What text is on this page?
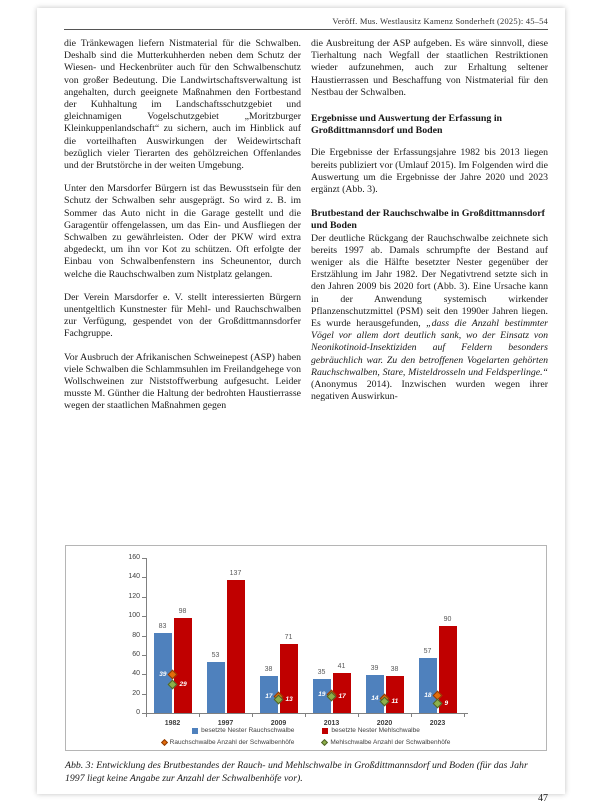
Veröff. Mus. Westlausitz Kamenz Sonderheft (2025): 45–54

die Tränkewagen liefern Nistmaterial für die Schwalben. Deshalb sind die Mutterkuhherden neben dem Schutz der Wiesen- und Heckenbrüter auch für den Schwalbenschutz von großer Bedeutung. Die Landwirtschaftsverwaltung ist angehalten, durch geeignete Maßnahmen den Fortbestand der Kuhhaltung im Landschaftsschutzgebiet und gleichnamigen Vogelschutzgebiet „Moritzburger Kleinkuppenlandschaft“ zu sichern, auch im Hinblick auf die vorteilhaften Auswirkungen der Weidewirtschaft bezüglich vieler Tierarten des gehölzreichen Offenlandes und der Brutstörche in der weiten Umgebung.

Unter den Marsdorfer Bürgern ist das Bewusstsein für den Schutz der Schwalben sehr ausgeprägt. So wird z. B. im Sommer das Auto nicht in die Garage gestellt und die Garagentür offengelassen, um das Ein- und Ausfliegen der Schwalben zu gewährleisten. Oder der PKW wird extra abgedeckt, um ihn vor Kot zu schützen. Oft erfolgte der Einbau von Schwalbenfenstern ins Scheunentor, durch welche die Rauchschwalben zum Nistplatz gelangen.

Der Verein Marsdorfer e. V. stellt interessierten Bürgern unentgeltlich Kunstnester für Mehl- und Rauchschwalben zur Verfügung, gespendet von der Großdittmannsdorfer Fachgruppe.

Vor Ausbruch der Afrikanischen Schweinepest (ASP) haben viele Schwalben die Schlammsuhlen im Freilandgehege von Wollschweinen zur Niststoffwerbung aufgesucht. Leider musste M. Günther die Haltung der bedrohten Haustierrasse wegen der staatlichen Maßnahmen gegen

die Ausbreitung der ASP aufgeben. Es wäre sinnvoll, diese Tierhaltung nach Wegfall der staatlichen Restriktionen wieder aufzunehmen, auch zur Erhaltung seltener Haustierrassen und Beschaffung von Nistmaterial für den Nestbau der Schwalben.

Ergebnisse und Auswertung der Erfassung in Großdittmannsdorf und Boden

Die Ergebnisse der Erfassungsjahre 1982 bis 2013 liegen bereits publiziert vor (Umlauf 2015). Im Folgenden wird die Auswertung um die Ergebnisse der Jahre 2020 und 2023 ergänzt (Abb. 3).

Brutbestand der Rauchschwalbe in Großdittmannsdorf und Boden

Der deutliche Rückgang der Rauchschwalbe zeichnete sich bereits 1997 ab. Damals schrumpfte der Bestand auf weniger als die Hälfte besetzter Nester gegenüber der Erstzählung im Jahr 1982. Der Negativtrend setzte sich in den Jahren 2009 bis 2020 fort (Abb. 3). Eine Ursache kann in der Anwendung systemisch wirkender Pflanzenschutzmittel (PSM) seit den 1990er Jahren liegen. Es wurde herausgefunden, „dass die Anzahl bestimmter Vögel vor allem dort deutlich sank, wo der Einsatz von Neonikotinoid-Insektiziden auf Feldern besonders gebräuchlich war. Zu den betroffenen Vogelarten gehörten Rauchschwalben, Stare, Misteldrosseln und Feldsperlinge.“ (Anonymus 2014). Inzwischen wurden wegen ihrer negativen Auswirkun-

0
20
40
60
80
100
120
140
160
83
98
39
29
1982
53
137
1997
38
71
17
13
2009
35
41
19 17
2013
39	38
14 11
2020
57
90
18
9
2023
besetzte Nester Rauchschwalbe	besetzte Nester Mehlschwalbe
Rauchschwalbe Anzahl der Schwalbenhöfe	Mehlschwalbe Anzahl der Schwalbenhöfe

Abb. 3: Entwicklung des Brutbestandes der Rauch- und Mehlschwalbe in Großdittmannsdorf und Boden (für das Jahr 1997 liegt keine Angabe zur Anzahl der Schwalbenhöfe vor).

47
